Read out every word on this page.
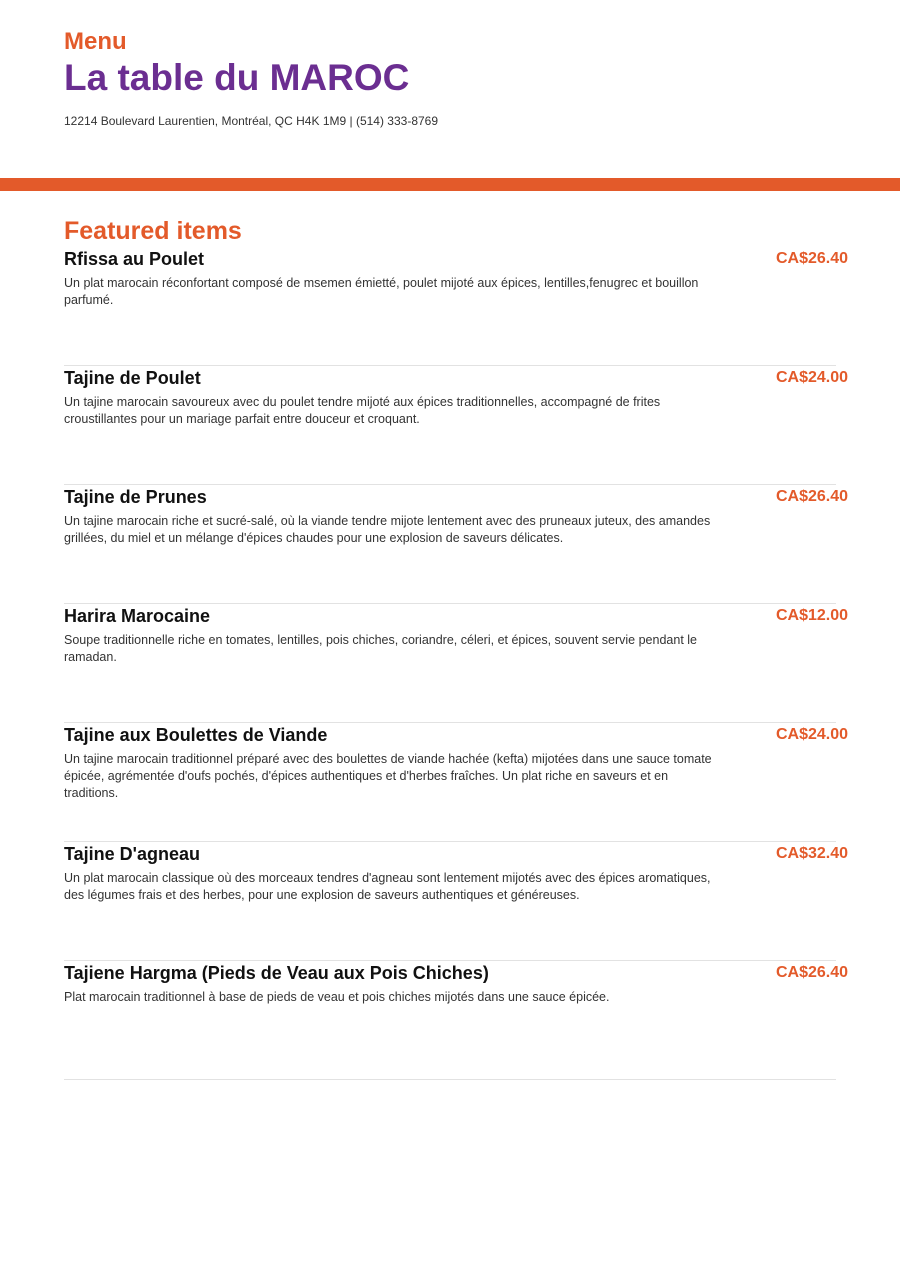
Menu
La table du MAROC
12214 Boulevard Laurentien, Montréal, QC H4K 1M9 | (514) 333-8769
Featured items
Rfissa au Poulet	CA$26.40
Un plat marocain réconfortant composé de msemen émietté, poulet mijoté aux épices, lentilles,fenugrec et bouillon parfumé.
Tajine de Poulet	CA$24.00
Un tajine marocain savoureux avec du poulet tendre mijoté aux épices traditionnelles, accompagné de frites croustillantes pour un mariage parfait entre douceur et croquant.
Tajine de Prunes	CA$26.40
Un tajine marocain riche et sucré-salé, où la viande tendre mijote lentement avec des pruneaux juteux, des amandes grillées, du miel et un mélange d'épices chaudes pour une explosion de saveurs délicates.
Harira Marocaine	CA$12.00
Soupe traditionnelle riche en tomates, lentilles, pois chiches, coriandre, céleri, et épices, souvent servie pendant le ramadan.
Tajine aux Boulettes de Viande	CA$24.00
Un tajine marocain traditionnel préparé avec des boulettes de viande hachée (kefta) mijotées dans une sauce tomate épicée, agrémentée d'oufs pochés, d'épices authentiques et d'herbes fraîches. Un plat riche en saveurs et en traditions.
Tajine D'agneau	CA$32.40
Un plat marocain classique où des morceaux tendres d'agneau sont lentement mijotés avec des épices aromatiques, des légumes frais et des herbes, pour une explosion de saveurs authentiques et généreuses.
Tajiene Hargma (Pieds de Veau aux Pois Chiches)	CA$26.40
Plat marocain traditionnel à base de pieds de veau et pois chiches mijotés dans une sauce épicée.
